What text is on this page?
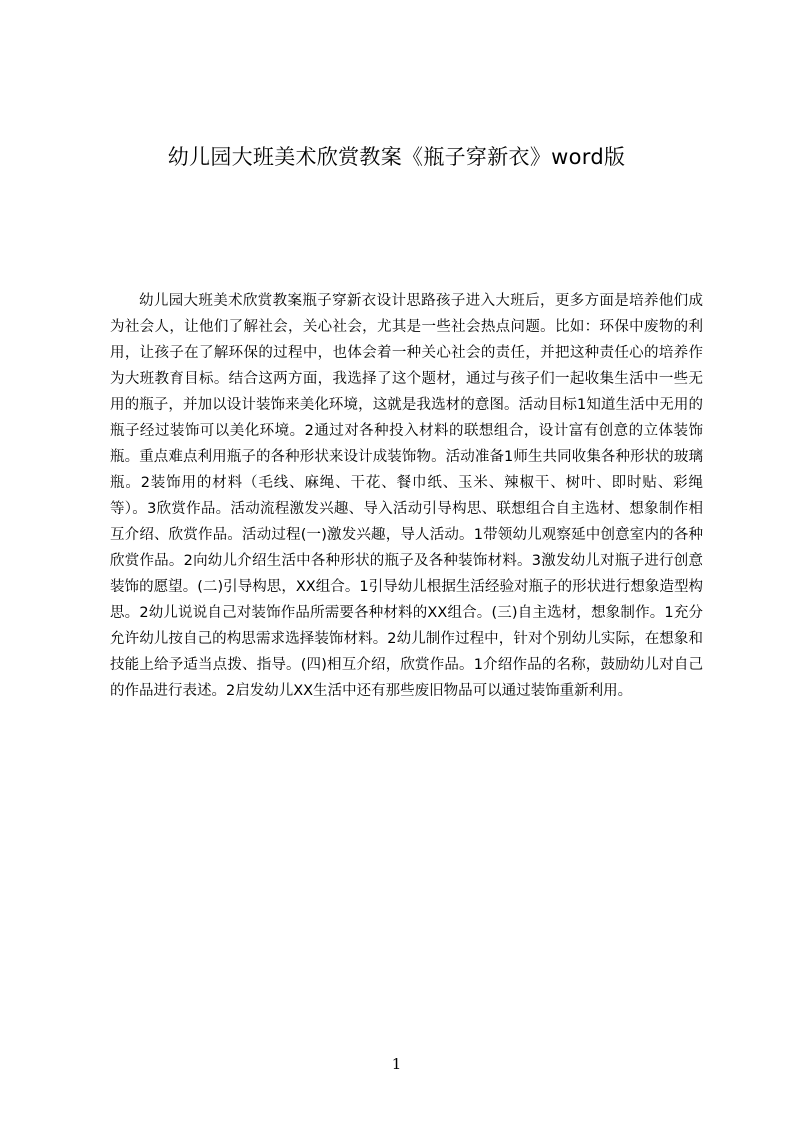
幼儿园大班美术欣赏教案《瓶子穿新衣》word版

幼儿园大班美术欣赏教案瓶子穿新衣设计思路孩子进入大班后，更多方面是培养他们成为社会人，让他们了解社会，关心社会，尤其是一些社会热点问题。比如：环保中废物的利用，让孩子在了解环保的过程中，也体会着一种关心社会的责任，并把这种责任心的培养作为大班教育目标。结合这两方面，我选择了这个题材，通过与孩子们一起收集生活中一些无用的瓶子，并加以设计装饰来美化环境，这就是我选材的意图。活动目标1知道生活中无用的瓶子经过装饰可以美化环境。2通过对各种投入材料的联想组合，设计富有创意的立体装饰瓶。重点难点利用瓶子的各种形状来设计成装饰物。活动准备1师生共同收集各种形状的玻璃瓶。2装饰用的材料（毛线、麻绳、干花、餐巾纸、玉米、辣椒干、树叶、即时贴、彩绳等）。3欣赏作品。活动流程激发兴趣、导入活动引导构思、联想组合自主选材、想象制作相互介绍、欣赏作品。活动过程(一)激发兴趣，导人活动。1带领幼儿观察延中创意室内的各种欣赏作品。2向幼儿介绍生活中各种形状的瓶子及各种装饰材料。3激发幼儿对瓶子进行创意装饰的愿望。(二)引导构思，XX组合。1引导幼儿根据生活经验对瓶子的形状进行想象造型构思。2幼儿说说自己对装饰作品所需要各种材料的XX组合。(三)自主选材，想象制作。1充分允许幼儿按自己的构思需求选择装饰材料。2幼儿制作过程中，针对个别幼儿实际，在想象和技能上给予适当点拨、指导。(四)相互介绍，欣赏作品。1介绍作品的名称，鼓励幼儿对自己的作品进行表述。2启发幼儿XX生活中还有那些废旧物品可以通过装饰重新利用。

1
